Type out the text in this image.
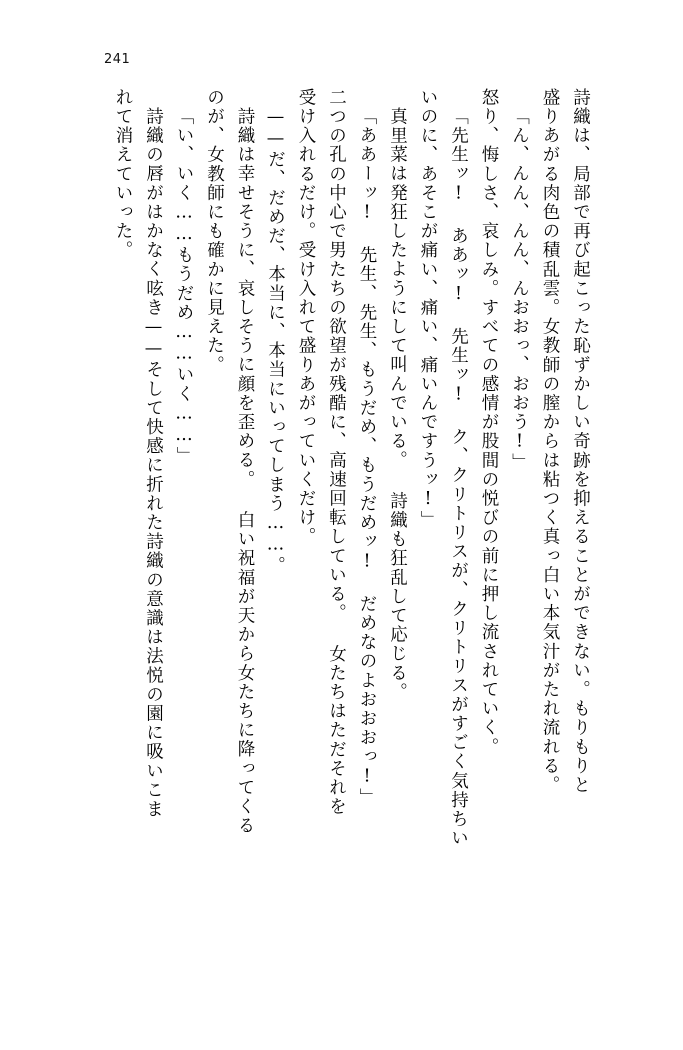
241
詩織は、局部で再び起こった恥ずかしい奇跡を抑えることができない。もりもりと
盛りあがる肉色の積乱雲。女教師の膣からは粘つく真っ白い本気汁がたれ流れる。
「ん、んん、んん、んおおっ、おおう!」
怒り、悔しさ、哀しみ。すべての感情が股間の悦びの前に押し流されていく。
「先生ッ! ああッ! 先生ッ! ク、クリトリスが、クリトリスがすごく気持ちい
いのに、あそこが痛い、痛い、痛いんですうッ!」
真里菜は発狂したようにして叫んでいる。 詩織も狂乱して応じる。
「ああーッ! 先生、先生、もうだめ、もうだめッ! だめなのよおおおっ!」
二つの孔の中心で男たちの欲望が残酷に、高速回転している。 女たちはただそれを
受け入れるだけ。受け入れて盛りあがっていくだけ。
——だ、だめだ、本当に、本当にいってしまう……。
詩織は幸せそうに、哀しそうに顔を歪める。 白い祝福が天から女たちに降ってくる
のが、女教師にも確かに見えた。
「い、いく……もうだめ……いく……」
詩織の唇がはかなく呟き——そして快感に折れた詩織の意識は法悦の園に吸いこま
れて消えていった。
